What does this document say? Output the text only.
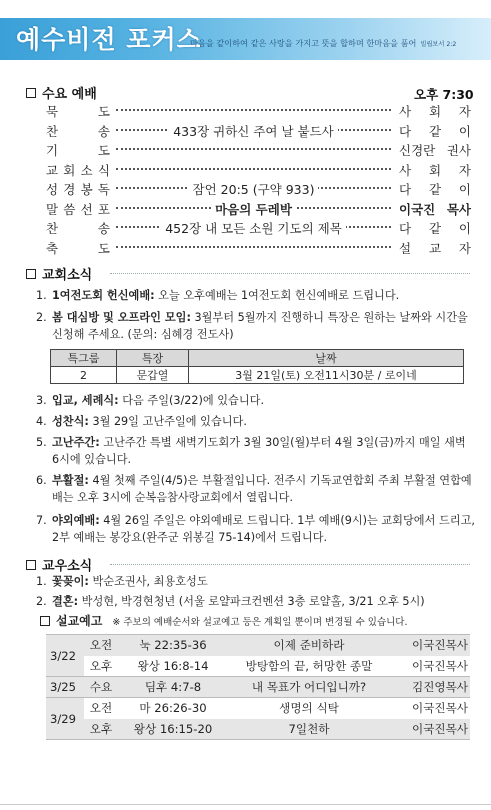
예수비전 포커스
마음을 같이하여 같은 사랑을 가지고 뜻을 합하며 한마음을 품어 빌립보서 2:2
수요 예배	오후 7:30
묵	도	사 회 자
찬	송	433장 귀하신 주여 날 붙드사	다 같 이
기	도	신경란 권사
교 회 소 식	사 회 자
성 경 봉 독	잠언 20:5 (구약 933)	다 같 이
말 씀 선 포	마음의 두레박	이국진 목사
찬	송	452장 내 모든 소원 기도의 제목	다 같 이
축	도	설 교 자
교회소식
1. 1여전도회 헌신예배: 오늘 오후예배는 1여전도회 헌신예배로 드립니다.
2. 봄 대심방 및 오프라인 모임: 3월부터 5월까지 진행하니 특장은 원하는 날짜와 시간을 신청해 주세요. (문의: 심혜경 전도사)
특그룹	특장	날짜
2	문갑열	3월 21일(토) 오전11시30분 / 로이네
3. 입교, 세례식: 다음 주일(3/22)에 있습니다.
4. 성찬식: 3월 29일 고난주일에 있습니다.
5. 고난주간: 고난주간 특별 새벽기도회가 3월 30일(월)부터 4월 3일(금)까지 매일 새벽 6시에 있습니다.
6. 부활절: 4월 첫째 주일(4/5)은 부활절입니다. 전주시 기독교연합회 주최 부활절 연합예배는 오후 3시에 순복음참사랑교회에서 열립니다.
7. 야외예배: 4월 26일 주일은 야외예배로 드립니다. 1부 예배(9시)는 교회당에서 드리고, 2부 예배는 봉강요(완주군 위봉길 75-14)에서 드립니다.
교우소식
1. 꽃꽂이: 박순조권사, 최용호성도
2. 결혼: 박성현, 박경현청년 (서울 로얄파크컨벤션 3층 로얄홀, 3/21 오후 5시)
설교예고 ※ 주보의 예배순서와 설교예고 등은 계획일 뿐이며 변경될 수 있습니다.
3/22	오전	눅 22:35-36	이제 준비하라	이국진목사
	오후	왕상 16:8-14	방탕함의 끝, 허망한 종말	이국진목사
3/25	수요	딤후 4:7-8	내 목표가 어디입니까?	김진영목사
3/29	오전	마 26:26-30	생명의 식탁	이국진목사
	오후	왕상 16:15-20	7일천하	이국진목사
